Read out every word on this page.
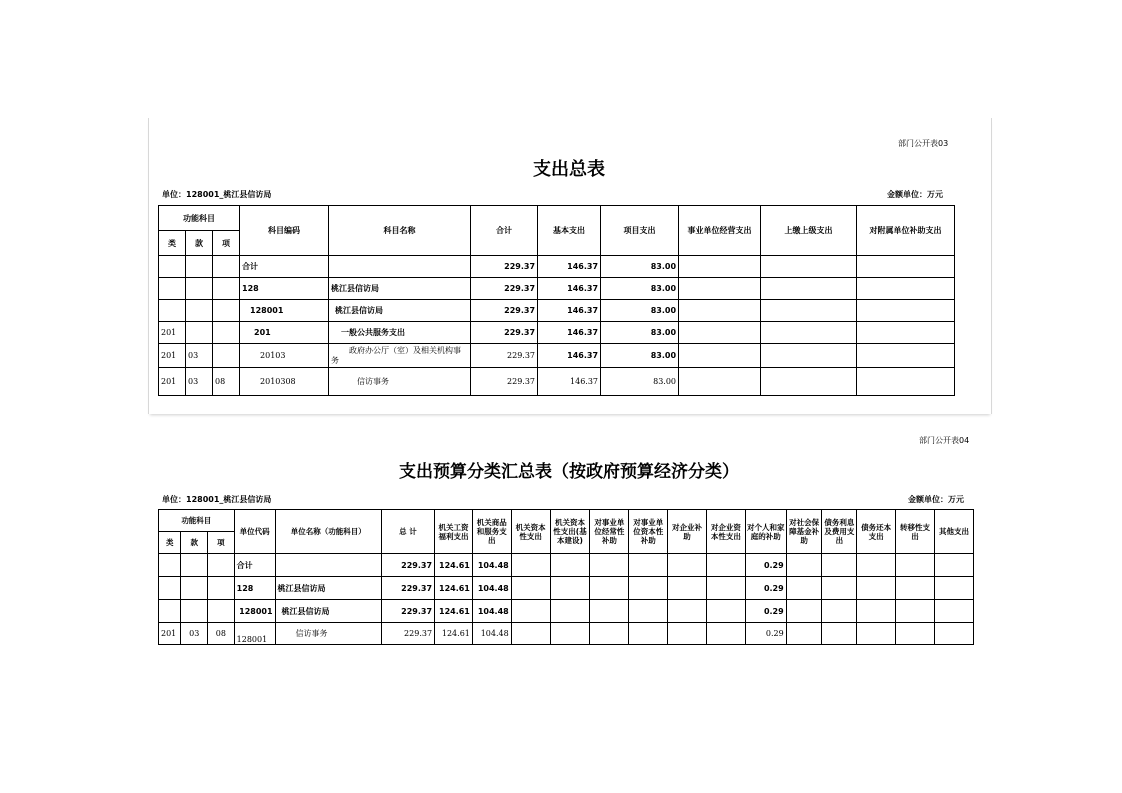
部门公开表03
支出总表
单位：128001_桃江县信访局	金额单位：万元
功能科目			科目编码	科目名称	合计	基本支出	项目支出	事业单位经营支出	上缴上级支出	对附属单位补助支出
类	款	项								
			合计		229.37	146.37	83.00			
			128	桃江县信访局	229.37	146.37	83.00			
			128001	桃江县信访局	229.37	146.37	83.00			
201			201	一般公共服务支出	229.37	146.37	83.00			
201	03		20103	政府办公厅（室）及相关机构事务	229.37	146.37	83.00			
201	03	08	2010308	信访事务	229.37	146.37	83.00			
部门公开表04
支出预算分类汇总表（按政府预算经济分类）
单位：128001_桃江县信访局	金额单位：万元
功能科目			单位代码	单位名称（功能科目）	总 计	机关工资福利支出	机关商品和服务支出	机关资本性支出	机关资本性支出(基本建设)	对事业单位经常性补助	对事业单位资本性补助	对企业补助	对企业资本性支出	对个人和家庭的补助	对社会保障基金补助	债务利息及费用支出	债务还本支出	转移性支出	其他支出
类	款	项																	
			合计		229.37	124.61	104.48							0.29					
			128	桃江县信访局	229.37	124.61	104.48							0.29					
			128001	桃江县信访局	229.37	124.61	104.48							0.29					
201	03	08	128001	信访事务	229.37	124.61	104.48							0.29					
